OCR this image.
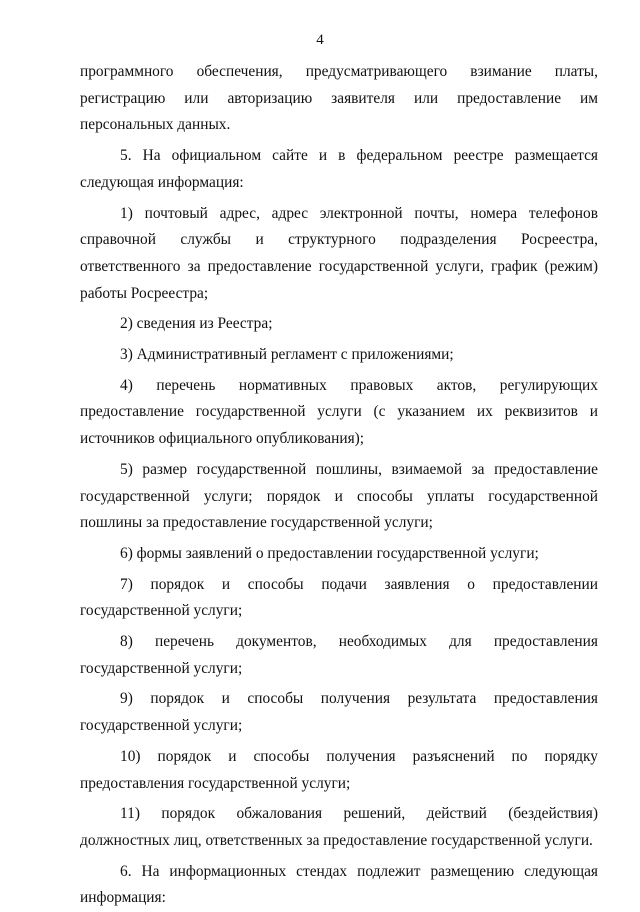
4

программного обеспечения, предусматривающего взимание платы, регистрацию или авторизацию заявителя или предоставление им персональных данных.

5. На официальном сайте и в федеральном реестре размещается следующая информация:

1) почтовый адрес, адрес электронной почты, номера телефонов справочной службы и структурного подразделения Росреестра, ответственного за предоставление государственной услуги, график (режим) работы Росреестра;

2) сведения из Реестра;

3) Административный регламент с приложениями;

4) перечень нормативных правовых актов, регулирующих предоставление государственной услуги (с указанием их реквизитов и источников официального опубликования);

5) размер государственной пошлины, взимаемой за предоставление государственной услуги; порядок и способы уплаты государственной пошлины за предоставление государственной услуги;

6) формы заявлений о предоставлении государственной услуги;

7) порядок и способы подачи заявления о предоставлении государственной услуги;

8) перечень документов, необходимых для предоставления государственной услуги;

9) порядок и способы получения результата предоставления государственной услуги;

10) порядок и способы получения разъяснений по порядку предоставления государственной услуги;

11) порядок обжалования решений, действий (бездействия) должностных лиц, ответственных за предоставление государственной услуги.

6. На информационных стендах подлежит размещению следующая информация:
